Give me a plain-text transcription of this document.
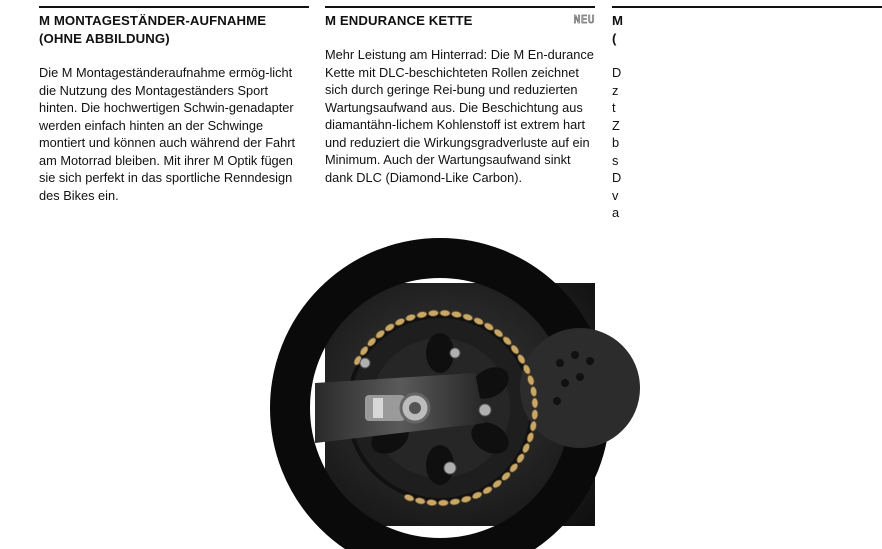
M MONTAGESTÄNDER-AUFNAHME
(OHNE ABBILDUNG)
Die M Montageständeraufnahme ermög-licht die Nutzung des Montageständers Sport hinten. Die hochwertigen Schwin-genadapter werden einfach hinten an der Schwinge montiert und können auch während der Fahrt am Motorrad bleiben. Mit ihrer M Optik fügen sie sich perfekt in das sportliche Renndesign des Bikes ein.
M ENDURANCE KETTE	NEU
Mehr Leistung am Hinterrad: Die M En-durance Kette mit DLC-beschichteten Rollen zeichnet sich durch geringe Rei-bung und reduzierten Wartungsaufwand aus. Die Beschichtung aus diamantähn-lichem Kohlenstoff ist extrem hart und reduziert die Wirkungsgradverluste auf ein Minimum. Auch der Wartungsaufwand sinkt dank DLC (Diamond-Like Carbon).
M
(
D
z
t
Z
b
s
D
v
a
